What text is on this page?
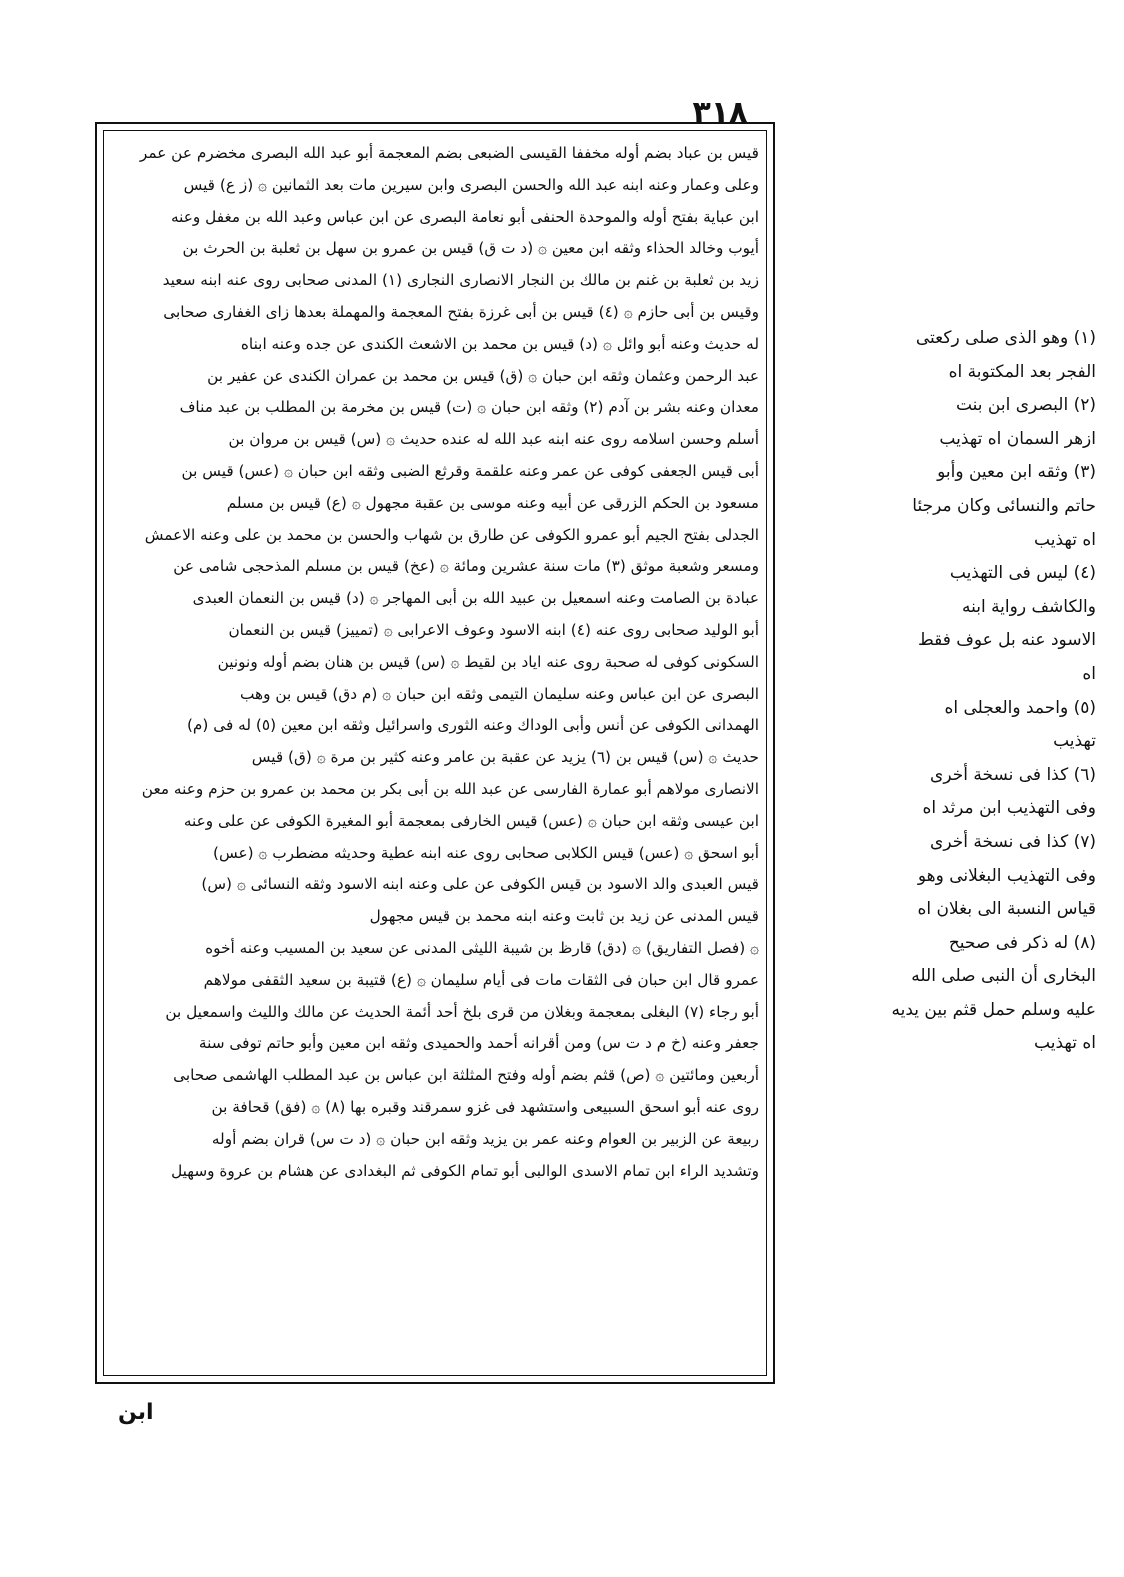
٣١٨
قيس بن عباد بضم أوله مخففا القيسى الضبعى بضم المعجمة أبو عبد الله البصرى مخضرم عن عمر
وعلى وعمار وعنه ابنه عبد الله والحسن البصرى وابن سيرين مات بعد الثمانين ۞ (ز ع) قيس
ابن عباية بفتح أوله والموحدة الحنفى أبو نعامة البصرى عن ابن عباس وعبد الله بن مغفل وعنه
أيوب وخالد الحذاء وثقه ابن معين ۞ (د ت ق) قيس بن عمرو بن سهل بن ثعلبة بن الحرث بن
زيد بن ثعلبة بن غنم بن مالك بن النجار الانصارى النجارى (١) المدنى صحابى روى عنه ابنه سعيد
وقيس بن أبى حازم ۞ (٤) قيس بن أبى غرزة بفتح المعجمة والمهملة بعدها زاى الغفارى صحابى
له حديث وعنه أبو وائل ۞ (د) قيس بن محمد بن الاشعث الكندى عن جده وعنه ابناه
عبد الرحمن وعثمان وثقه ابن حبان ۞ (ق) قيس بن محمد بن عمران الكندى عن عفير بن
معدان وعنه بشر بن آدم (٢) وثقه ابن حبان ۞ (ت) قيس بن مخرمة بن المطلب بن عبد مناف
أسلم وحسن اسلامه روى عنه ابنه عبد الله له عنده حديث ۞ (س) قيس بن مروان بن
أبى قيس الجعفى كوفى عن عمر وعنه علقمة وقرثع الضبى وثقه ابن حبان ۞ (عس) قيس بن
مسعود بن الحكم الزرقى عن أبيه وعنه موسى بن عقبة مجهول ۞ (ع) قيس بن مسلم
الجدلى بفتح الجيم أبو عمرو الكوفى عن طارق بن شهاب والحسن بن محمد بن على وعنه الاعمش
ومسعر وشعبة موثق (٣) مات سنة عشرين ومائة ۞ (عخ) قيس بن مسلم المذحجى شامى عن
عبادة بن الصامت وعنه اسمعيل بن عبيد الله بن أبى المهاجر ۞ (د) قيس بن النعمان العبدى
أبو الوليد صحابى روى عنه (٤) ابنه الاسود وعوف الاعرابى ۞ (تمييز) قيس بن النعمان
السكونى كوفى له صحبة روى عنه اياد بن لقيط ۞ (س) قيس بن هنان بضم أوله ونونين
البصرى عن ابن عباس وعنه سليمان التيمى وثقه ابن حبان ۞ (م دق) قيس بن وهب
الهمدانى الكوفى عن أنس وأبى الوداك وعنه الثورى واسرائيل وثقه ابن معين (٥) له فى (م)
حديث ۞ (س) قيس بن (٦) يزيد عن عقبة بن عامر وعنه كثير بن مرة ۞ (ق) قيس
الانصارى مولاهم أبو عمارة الفارسى عن عبد الله بن أبى بكر بن محمد بن عمرو بن حزم وعنه معن
ابن عيسى وثقه ابن حبان ۞ (عس) قيس الخارفى بمعجمة أبو المغيرة الكوفى عن على وعنه
أبو اسحق ۞ (عس) قيس الكلابى صحابى روى عنه ابنه عطية وحديثه مضطرب ۞ (عس)
قيس العبدى والد الاسود بن قيس الكوفى عن على وعنه ابنه الاسود وثقه النسائى ۞ (س)
قيس المدنى عن زيد بن ثابت وعنه ابنه محمد بن قيس مجهول
۞ (فصل التفاريق) ۞ (دق) قارظ بن شيبة الليثى المدنى عن سعيد بن المسيب وعنه أخوه
عمرو قال ابن حبان فى الثقات مات فى أيام سليمان ۞ (ع) قتيبة بن سعيد الثقفى مولاهم
أبو رجاء (٧) البغلى بمعجمة وبغلان من قرى بلخ أحد أئمة الحديث عن مالك والليث واسمعيل بن
جعفر وعنه (خ م د ت س) ومن أقرانه أحمد والحميدى وثقه ابن معين وأبو حاتم توفى سنة
أربعين ومائتين ۞ (ص) قثم بضم أوله وفتح المثلثة ابن عباس بن عبد المطلب الهاشمى صحابى
روى عنه أبو اسحق السبيعى واستشهد فى غزو سمرقند وقبره بها (٨) ۞ (فق) قحافة بن
ربيعة عن الزبير بن العوام وعنه عمر بن يزيد وثقه ابن حبان ۞ (د ت س) قران بضم أوله
وتشديد الراء ابن تمام الاسدى الوالبى أبو تمام الكوفى ثم البغدادى عن هشام بن عروة وسهيل
(١) وهو الذى صلى ركعتى
الفجر بعد المكتوبة اه
(٢) البصرى ابن بنت
ازهر السمان اه تهذيب
(٣) وثقه ابن معين وأبو
حاتم والنسائى وكان مرجئا
اه تهذيب
(٤) ليس فى التهذيب
والكاشف رواية ابنه
الاسود عنه بل عوف فقط
اه
(٥) واحمد والعجلى اه
تهذيب
(٦) كذا فى نسخة أخرى
وفى التهذيب ابن مرثد اه
(٧) كذا فى نسخة أخرى
وفى التهذيب البغلانى وهو
قياس النسبة الى بغلان اه
(٨) له ذكر فى صحيح
البخارى أن النبى صلى الله
عليه وسلم حمل قثم بين يديه
اه تهذيب
ابن
